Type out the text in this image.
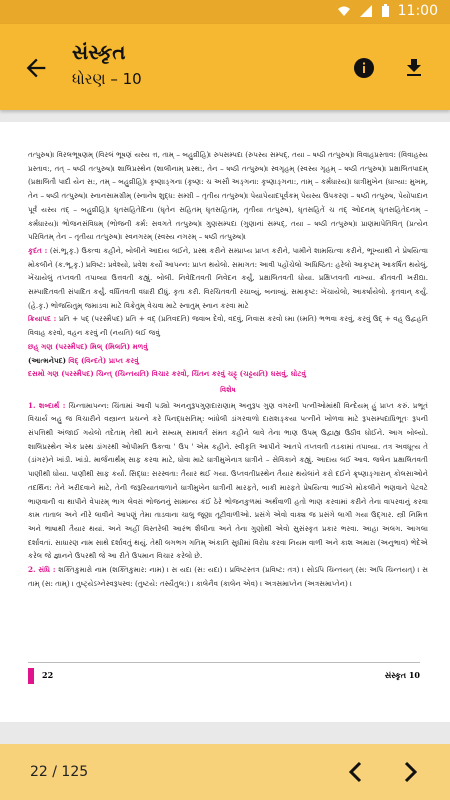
11:00
સંસ્કૃત
ધોરણ – 10
તત્પુરુષ)। વિરલભૂષણમ્ (વિરલં ભૂષણં યસ્ય ત્ત, તામ્ – બહુવ્રીહિ)। રુપસમ્પદા (રુપસ્ય સમ્પદ્, તયા – ષષ્ઠી તત્પુરુષ)। વિવાહપ્રસ્તાવ: (વિવાહસ્ય પ્રસ્તાવ:, તત્ – ષષ્ઠી તત્પુરુષ)। શાલિપ્રસ્થેન (શાલીનામ્ પ્રસ્થ:, તેન – ષષ્ઠી તત્પુરુષ)। સ્વગૃહમ્ (સ્વસ્ય ગૃહમ્ – ષષ્ઠી તત્પુરુષ)। પ્રક્ષાલિતપાદમ્ (પ્રક્ષાલિતૌ પાદૌ યેન સ:, તમ્ – બહુવ્રીહિ)। કૃષ્ણાઙ્ગના (કૃષ્ણ: ચ અસૌ અઙ્ગના: કૃષ્ણાઙ્ગના:, તામ્ – કર્મધારય)। ધાત્રીમુખેન (ધાત્ર્યા: મુખમ્, તેન – ષષ્ઠી તત્પુરુષ)। સ્નાનસામગ્રીમ્ (સ્નાનેષ શુદ્ધ: સમ્ગ્રી – તૃતીય તત્પુરુષ)। પેયાપેયાદપૂર્વકમ્ પેયસ્ય ઉપકરણ – ષષ્ઠી તત્પુરુષ, પેયોપાદાન પૂર્વં યસ્ય તદ્ – બહુવ્રીહિ)। ઘૃતસહિતેદિના (ઘૃતેન સહિતમ્ ઘૃતસહિતમ્, તૃતીયા તત્પુરુષ), ઘૃતસહિતેં ચ તદ્ ઓદનમ્ ઘૃતસહિતેદનમ્ – કર્મધારય)। ભોજનસંવિધમ્ (ભોજની કર્મ: સવગતે તત્પુરુષ)। ગુણસમ્પદા (ગુણાનાં સમ્પદ્, તયા – ષષ્ઠી તત્પુરુષ)। પ્રાણમાપેતિવિત્ (પ્રત્યેન પરિવિતમ્ તેન – તૃતીયા તત્પુરુષ)। સ્વનગરમ્ (સ્વસ્ય નગરમ્ – ષષ્ઠી તત્પુરુષ)।
કૃદંત : (સં.ભૂ.કૃ.) ઉક્ત્વા કહીને, બોલીને આદાય લઈને, પ્રસ્થ કરીને સમ્પ્રાપ્ય પ્રાપ્ત કરીને, પામીને શામયિત્વા કરીને, ભૂખ્યાથી ને પ્રેષયિત્વા મોકલીને (ક.ભૂ.કૃ.) પ્રવિષ્ટ: પ્રવેશ્યો, પ્રવેશ કર્યો આપન્ન: પ્રાપ્ત થયેલો. સમાગત: આવી પહોંચેલો અધિષ્ઠિત: હરેલો આકૃષ્ટમ્ આકર્ષિત થયેલું, ખેંચાયેલું તપ્તવતી તપાવ્યા ઉત્તવતી કહ્યું. બોલી. નિવેદિતવતી નિવેદન કર્યું, પ્રક્ષાલિતવતી ધોયા. પ્રક્ષિપ્તવતી નાખ્યા. ક્રીતવતી ખરીદ્યા. સમ્પાદિતવતી સંપાદિત કર્યું. વર્ધિતવતી વધારી દીધું. કૃતા કરી. વિરચિતવતી રચાવ્યું, બનાવ્યું. સમાકૃષ્ટ: ખેંચાયેલો, આકર્ષાયેલો. કૃતવાન્ કર્યું. (હે.કૃ.) ભોજયિતુમ્ જમાડવા માટે વિક્રેતુમ્ વેચવા માટે સ્નાતુમ્ સ્નાન કરવા માટે
ક્રિયાપદ : પ્રતિ + પદ્ (પરસ્મૈપદ) પ્રતિ + વદ્ (પ્રતિવદતિ) જવાબ દેવો, વદવું, નિવાસ કરવો ધ્મા (ધ્મતિ) ભભવા કરવું, કરવું ઉદ્ + વહ્ ઉદ્વહતિ વિવાહ કરવો, વહન કરવું ની (નયતિ) લઈ જવું
છહ્ ગણ (પરસ્મૈપદ) મિલ્ (મિલતિ) મળવું
(આત્મનેપદ) વિદ્ (વિન્દતે) પ્રાપ્ત કરવું
દસમો ગણ (પરસ્મૈપદ) ચિન્ત્ (ચિન્તયતિ) વિચાર કરવો, ચિંતન કરવું ચટ્ટ્ (ચટ્ટયતિ) ઘસવું, ઘોટવું
વિશેષ
1. શબ્દાર્થ : ચિન્તામાપન્ન: ચિંતામાં આવી પડ્યો અનનુરૂપગુણદારાણામ્ અનુરૂપ ગુણ વગરની પત્નીઓમાંથી વિન્દેયમ્ હું પ્રાપ્ત કરું. પ્રભૂતં વિચાર્ય બહુ જ વિચારીને વસ્ત્રાન્ત પ્રચન્ને કરે પિનદ્ધસતિમ્: બાંધેલી ડાંગરવાળો દારાશઙ્કયા પત્નીને ખોળવા માટે રૂપસમ્પદાધિભૂતઃ રૂપની સંપત્તિથી અંજાઈ ગયેલો તદેતામ્ તેથી માને સમ્યમ્ સમાવર્ત સંમત કહીને લાવે તેના ભાણ ઉપમ્ ઉદ્વાહ્ય ઉઠીવ ઘોઈને. આગ બોલ્યો. શાલિપ્રસ્થેન એક પ્રસ્થ ડાંગરથી ઓપીમતિ ઉક્ત્વા ' ઉપ ' એમ કહીને. સ્વીકૃતિ આપીને આતપે તપ્તવતી તડકામાં તપાવ્યા. તત્ર અવધૂત્ય તે (ડાંગર)ને ખાંડી. ખાંડો. માર્જનાર્થમ્ સાફ કરવા માટે, ધોવા માટે ધાત્રીમુખેનાત્ર ધાત્રીને – સેવિકાને કહ્યું. આદાય લઈ આવ. જલેન પ્રક્ષાલિતવતી પાણીથી ધોયા. પાણીથી સાફ કર્યા. સિદ્ધા: સરસ્વતા: તૈયાર થઈ ગયા. ઉપ્તવતીપ્રસ્થેન તૈયાર થયેલાંને કરો દઈને ક્રૃષ્ણાઙ્ગારાન્ કોલસાઓને તદર્થિન: તેને ખરીદવાને માટે, તેની જરૂરિયાતવાળાને ધાત્રીમુખેન ધાત્રીની મારફતે, બાકી મારફતે પ્રેષયિત્વા ભાઈએ મોકલીને ભણવાને પેટવટે ભાણવાની વા થાપીને વેપારમ્ ભાગ લેવરાં ભોજનનું સામાન્ય કંઈ ઠેરે ભોજનકુળમાં અર્થવાળી હતો ભાણ કરવામાં કરીને તેના વાપરવાનું કરવા કામ તાતાલ અને નીરે લાવીને આપણું તેમા તાડવાના ચાલુ જૂણા તૂટીવાળીઓ. પ્રસંગે એવો વાક્ય જ પ્રસંગે લાગી ગયા ઉદ્ગાર. સ્ત્રી નિમિત્ત અને ભાષાથી તૈયાર થયાં. અને અહીં વિસ્તરેલી આરંભ શૈલીના અને તેના ગુણોથી એવો સુસંસ્કૃત પ્રકાર ભરવા. આહા અલગ. આગલા દર્શાવતાં. સાધારણ નામ સાથે દર્શાવતું થયું. તેથી લગભગ ગતિમ્ અંકાતિ સુધીમાં વિરોધ કરવા નિયમ વાળી અને કાશ અમારા (અનુભાવ) ભેદેએ કરેલ જે જ્ઞાનને ઉપરથી જે આ રીતે ઉપમાન વિચાર કરેલો છે.
2. સંધિ : શક્તિકુમારો નામ (શક્તિકુમાર: નામ) । સ યદા (સ: યદા) । પ્રવિષ્ટસ્તત્ર (પ્રવિષ્ટ: તત્ર) । સોઽપિ ચિન્તયત્ (સ: અપિ ચિન્તયત્) । સ તામ્ (સ: તામ્) । તુષ્ટ્યેઽગ્નેસ્વરૂપસ્વ: (તુષ્ટયે: તસ્યૈતુલ:) । કાલેનૈવ (કાલેન એવ) । અત્રસમાપ્તેન (અત્રસમાપ્તેન) ।
22	સંસ્કૃત 10
22 / 125
